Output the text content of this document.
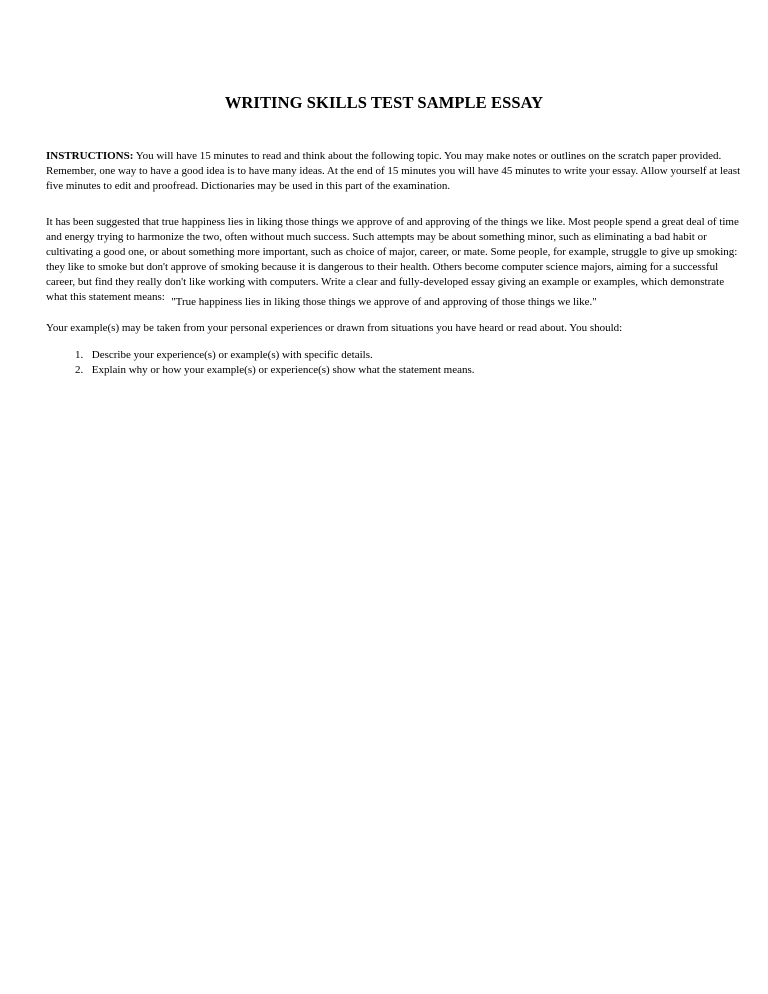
WRITING SKILLS TEST SAMPLE ESSAY

INSTRUCTIONS: You will have 15 minutes to read and think about the following topic. You may make notes or outlines on the scratch paper provided. Remember, one way to have a good idea is to have many ideas. At the end of 15 minutes you will have 45 minutes to write your essay. Allow yourself at least five minutes to edit and proofread. Dictionaries may be used in this part of the examination.

It has been suggested that true happiness lies in liking those things we approve of and approving of the things we like. Most people spend a great deal of time and energy trying to harmonize the two, often without much success. Such attempts may be about something minor, such as eliminating a bad habit or cultivating a good one, or about something more important, such as choice of major, career, or mate. Some people, for example, struggle to give up smoking: they like to smoke but don't approve of smoking because it is dangerous to their health. Others become computer science majors, aiming for a successful career, but find they really don't like working with computers. Write a clear and fully-developed essay giving an example or examples, which demonstrate what this statement means: "True happiness lies in liking those things we approve of and approving of those things we like."

Your example(s) may be taken from your personal experiences or drawn from situations you have heard or read about. You should:

1. Describe your experience(s) or example(s) with specific details.
2. Explain why or how your example(s) or experience(s) show what the statement means.
